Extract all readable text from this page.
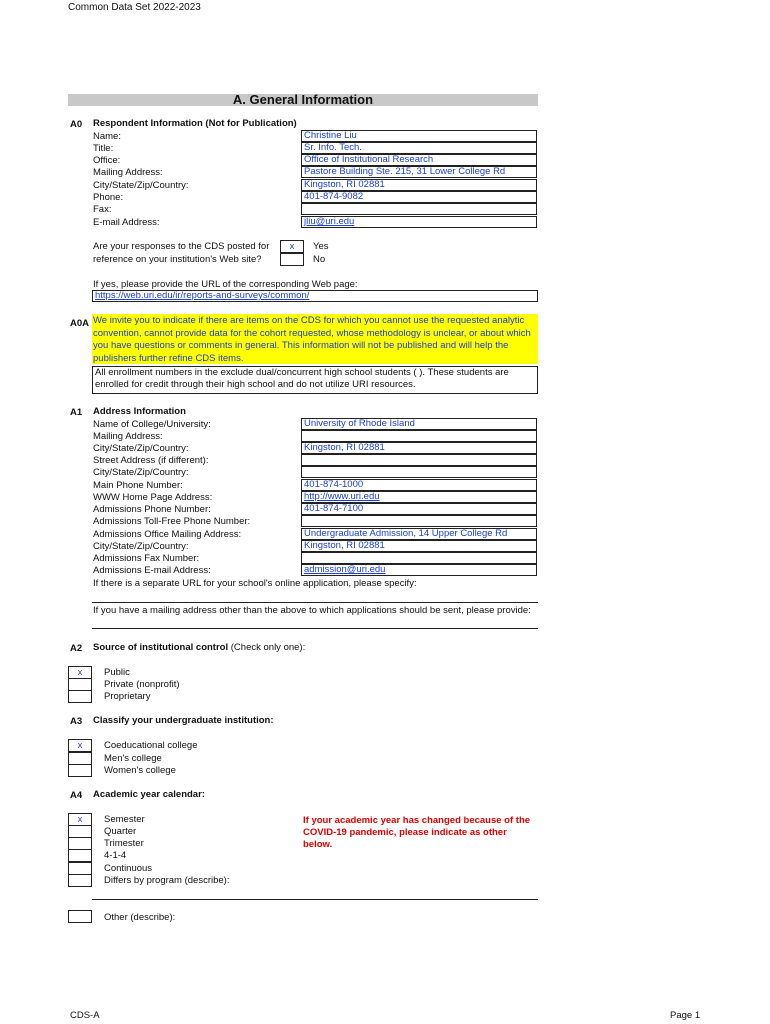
Common Data Set 2022-2023
A. General Information
A0 Respondent Information (Not for Publication)
Name:	Christine Liu
Title:	Sr. Info. Tech.
Office:	Office of Institutional Research
Mailing Address:	Pastore Building Ste. 215, 31 Lower College Rd
City/State/Zip/Country:	Kingston, RI 02881
Phone:	401-874-9082
Fax:
E-mail Address:	jliu@uri.edu
Are your responses to the CDS posted for
reference on your institution's Web site?
x	Yes
No
If yes, please provide the URL of the corresponding Web page:
https://web.uri.edu/ir/reports-and-surveys/common/
A0A We invite you to indicate if there are items on the CDS for which you cannot use the requested analytic convention, cannot provide data for the cohort requested, whose methodology is unclear, or about which you have questions or comments in general. This information will not be published and will help the publishers further refine CDS items.
All enrollment numbers in the exclude dual/concurrent high school students ( ). These students are enrolled for credit through their high school and do not utilize URI resources.
A1 Address Information
Name of College/University:	University of Rhode Island
Mailing Address:
City/State/Zip/Country:	Kingston, RI 02881
Street Address (if different):
City/State/Zip/Country:
Main Phone Number:	401-874-1000
WWW Home Page Address:	http://www.uri.edu
Admissions Phone Number:	401-874-7100
Admissions Toll-Free Phone Number:
Admissions Office Mailing Address:	Undergraduate Admission, 14 Upper College Rd
City/State/Zip/Country:	Kingston, RI 02881
Admissions Fax Number:
Admissions E-mail Address:	admission@uri.edu
If there is a separate URL for your school's online application, please specify:
If you have a mailing address other than the above to which applications should be sent, please provide:
A2 Source of institutional control (Check only one):
x	Public
Private (nonprofit)
Proprietary
A3 Classify your undergraduate institution:
x	Coeducational college
Men's college
Women's college
A4 Academic year calendar:
x	Semester
Quarter
Trimester
4-1-4
Continuous
Differs by program (describe):
If your academic year has changed because of the
COVID-19 pandemic, please indicate as other
below.
Other (describe):
CDS-A	Page 1
